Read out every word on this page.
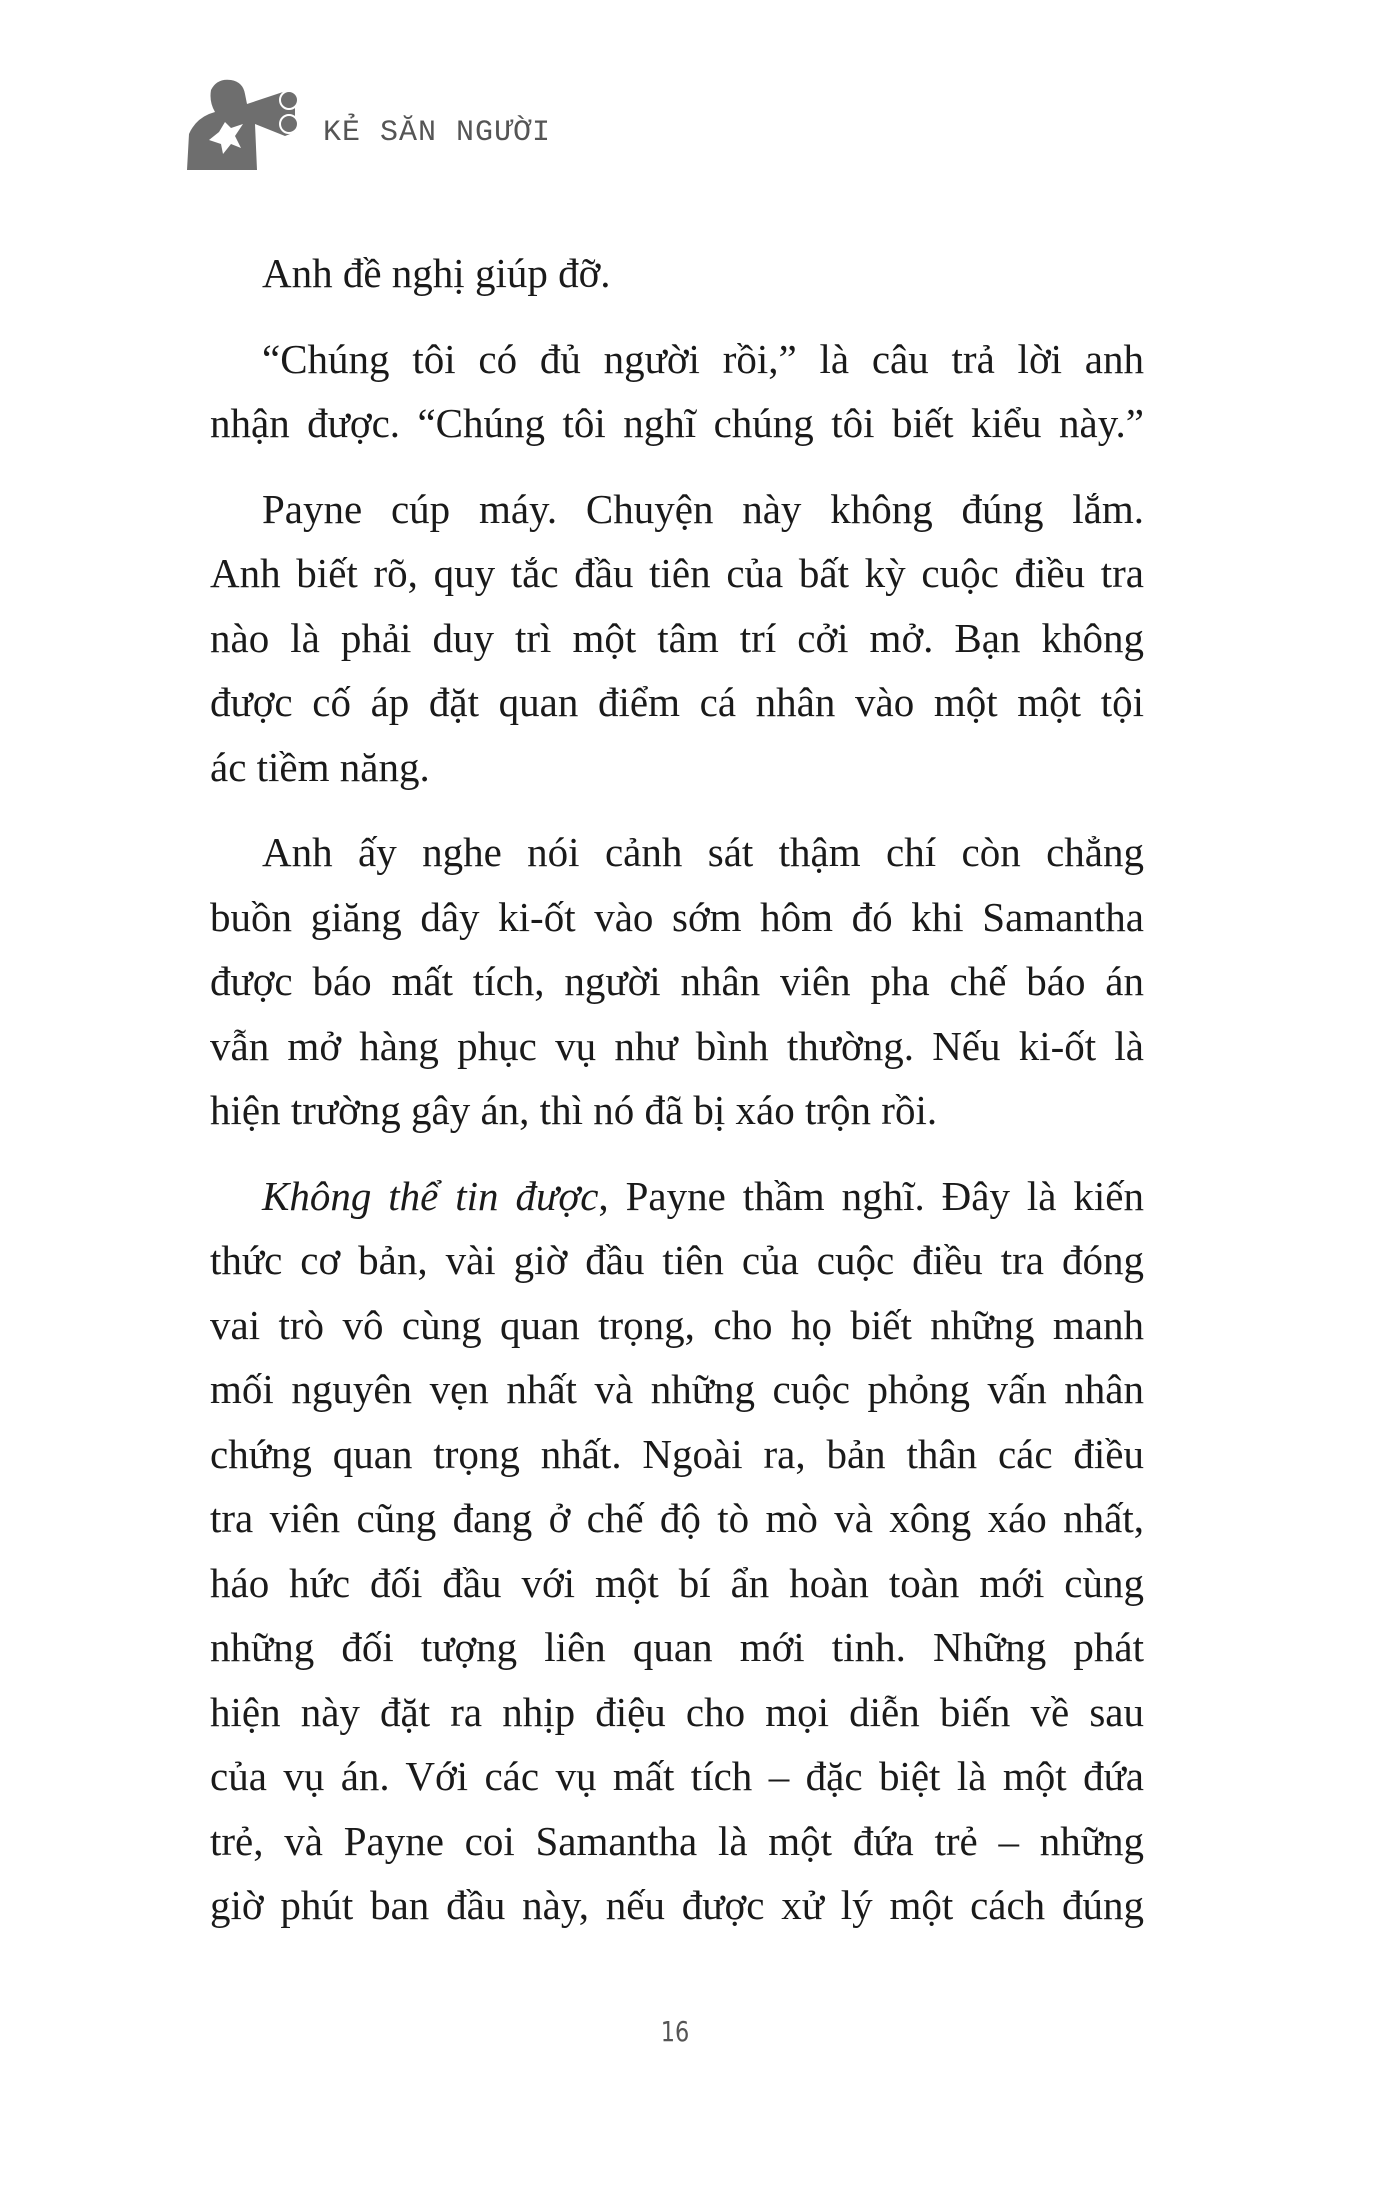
KẺ SĂN NGƯỜI
Anh đề nghị giúp đỡ.
“Chúng tôi có đủ người rồi,” là câu trả lời anh
nhận được. “Chúng tôi nghĩ chúng tôi biết kiểu này.”
Payne cúp máy. Chuyện này không đúng lắm.
Anh biết rõ, quy tắc đầu tiên của bất kỳ cuộc điều tra
nào là phải duy trì một tâm trí cởi mở. Bạn không
được cố áp đặt quan điểm cá nhân vào một một tội
ác tiềm năng.
Anh ấy nghe nói cảnh sát thậm chí còn chẳng
buồn giăng dây ki-ốt vào sớm hôm đó khi Samantha
được báo mất tích, người nhân viên pha chế báo án
vẫn mở hàng phục vụ như bình thường. Nếu ki-ốt là
hiện trường gây án, thì nó đã bị xáo trộn rồi.
Không thể tin được, Payne thầm nghĩ. Đây là kiến
thức cơ bản, vài giờ đầu tiên của cuộc điều tra đóng
vai trò vô cùng quan trọng, cho họ biết những manh
mối nguyên vẹn nhất và những cuộc phỏng vấn nhân
chứng quan trọng nhất. Ngoài ra, bản thân các điều
tra viên cũng đang ở chế độ tò mò và xông xáo nhất,
háo hức đối đầu với một bí ẩn hoàn toàn mới cùng
những đối tượng liên quan mới tinh. Những phát
hiện này đặt ra nhịp điệu cho mọi diễn biến về sau
của vụ án. Với các vụ mất tích – đặc biệt là một đứa
trẻ, và Payne coi Samantha là một đứa trẻ – những
giờ phút ban đầu này, nếu được xử lý một cách đúng
16
